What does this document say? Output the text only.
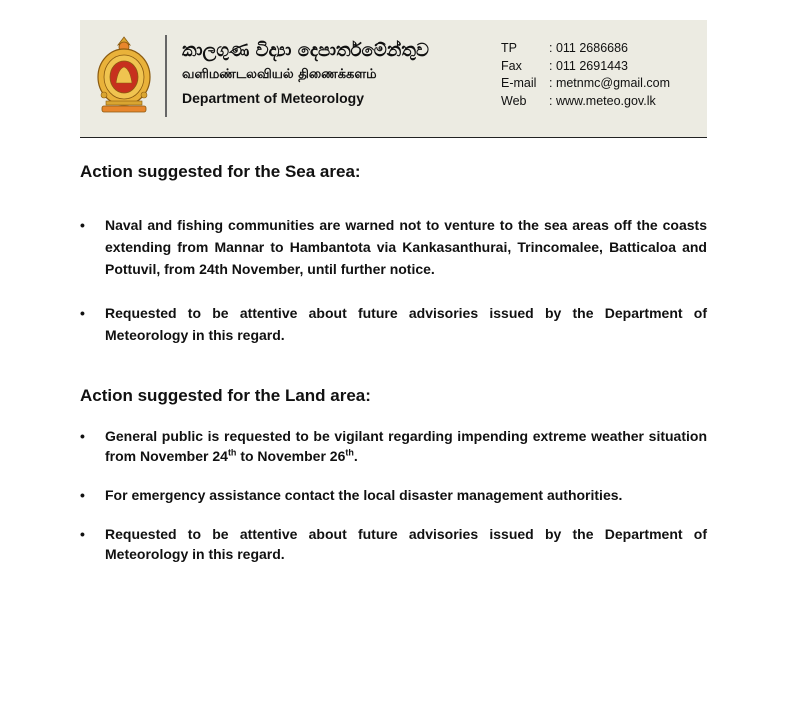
කාලගුණ විද්‍යා දෙපාර්තමේන්තුව
வளிமண்டலவியல் திணைக்களம்
Department of Meteorology
TP	: 011 2686686
Fax	: 011 2691443
E-mail	: metnmc@gmail.com
Web	: www.meteo.gov.lk
Action suggested for the Sea area:
• Naval and fishing communities are warned not to venture to the sea areas off the coasts extending from Mannar to Hambantota via Kankasanthurai, Trincomalee, Batticaloa and Pottuvil, from 24th November, until further notice.
• Requested to be attentive about future advisories issued by the Department of Meteorology in this regard.
Action suggested for the Land area:
• General public is requested to be vigilant regarding impending extreme weather situation from November 24th to November 26th.
• For emergency assistance contact the local disaster management authorities.
• Requested to be attentive about future advisories issued by the Department of Meteorology in this regard.
